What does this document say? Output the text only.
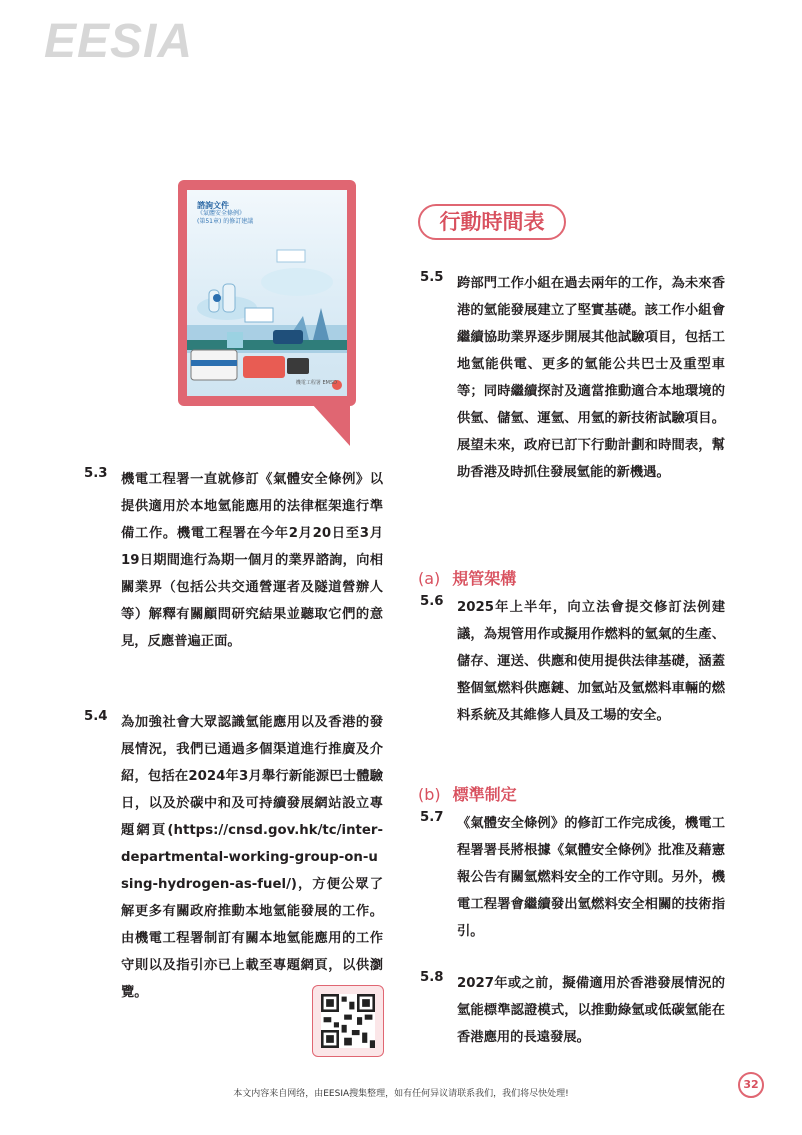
EESIA
諮詢文件
《氣體安全條例》
(第51章) 的修訂建議
機電工程署 EMSD
行動時間表
5.3 機電工程署一直就修訂《氣體安全條例》以提供適用於本地氫能應用的法律框架進行準備工作。機電工程署在今年2月20日至3月19日期間進行為期一個月的業界諮詢，向相關業界（包括公共交通營運者及隧道營辦人等）解釋有關顧問研究結果並聽取它們的意見，反應普遍正面。
5.4 為加強社會大眾認識氫能應用以及香港的發展情況，我們已通過多個渠道進行推廣及介紹，包括在2024年3月舉行新能源巴士體驗日，以及於碳中和及可持續發展網站設立專題網頁(https://cnsd.gov.hk/tc/inter-departmental-working-group-on-using-hydrogen-as-fuel/)，方便公眾了解更多有關政府推動本地氫能發展的工作。由機電工程署制訂有關本地氫能應用的工作守則以及指引亦已上載至專題網頁，以供瀏覽。
5.5 跨部門工作小組在過去兩年的工作，為未來香港的氫能發展建立了堅實基礎。該工作小組會繼續協助業界逐步開展其他試驗項目，包括工地氫能供電、更多的氫能公共巴士及重型車等；同時繼續探討及適當推動適合本地環境的供氫、儲氫、運氫、用氫的新技術試驗項目。展望未來，政府已訂下行動計劃和時間表，幫助香港及時抓住發展氫能的新機遇。
(a) 規管架構
5.6 2025年上半年，向立法會提交修訂法例建議，為規管用作或擬用作燃料的氫氣的生產、儲存、運送、供應和使用提供法律基礎，涵蓋整個氫燃料供應鏈、加氫站及氫燃料車輛的燃料系統及其維修人員及工場的安全。
(b) 標準制定
5.7 《氣體安全條例》的修訂工作完成後，機電工程署署長將根據《氣體安全條例》批准及藉憲報公告有關氫燃料安全的工作守則。另外，機電工程署會繼續發出氫燃料安全相關的技術指引。
5.8 2027年或之前，擬備適用於香港發展情況的氫能標準認證模式，以推動綠氫或低碳氫能在香港應用的長遠發展。
本文内容来自网络，由EESIA搜集整理，如有任何异议请联系我们，我们将尽快处理!
32
